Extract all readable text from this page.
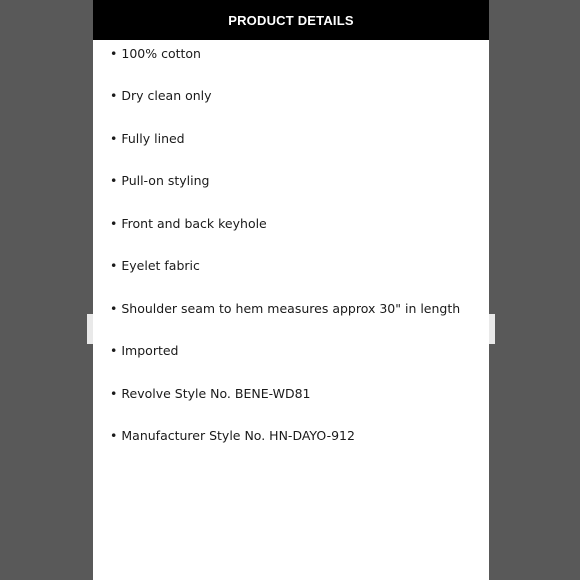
PRODUCT DETAILS
• 100% cotton
• Dry clean only
• Fully lined
• Pull-on styling
• Front and back keyhole
• Eyelet fabric
• Shoulder seam to hem measures approx 30" in length
• Imported
• Revolve Style No. BENE-WD81
• Manufacturer Style No. HN-DAYO-912
